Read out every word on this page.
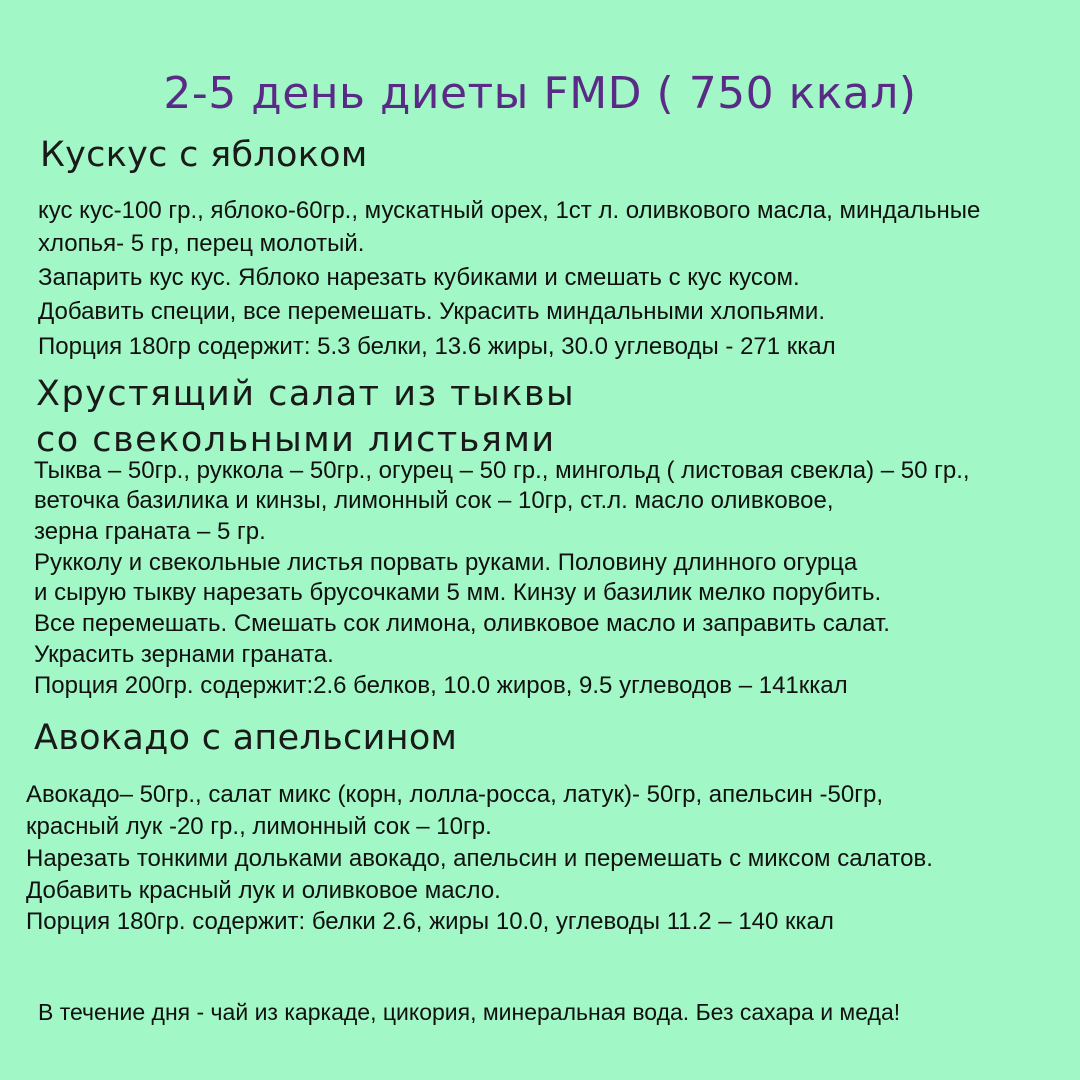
2-5 день диеты FMD ( 750 ккал)
Кускус с яблоком
кус кус-100 гр., яблоко-60гр., мускатный орех, 1ст л. оливкового масла, миндальные
хлопья- 5 гр, перец молотый.
Запарить кус кус. Яблоко нарезать кубиками и смешать с кус кусом.
Добавить специи, все перемешать. Украсить миндальными хлопьями.
Порция 180гр содержит: 5.3 белки, 13.6 жиры, 30.0 углеводы - 271 ккал
Хрустящий салат из тыквы
со свекольными листьями
Тыква – 50гр., руккола – 50гр., огурец – 50 гр., мингольд ( листовая свекла) – 50 гр.,
веточка базилика и кинзы, лимонный сок – 10гр, ст.л. масло оливковое,
зерна граната – 5 гр.
Рукколу и свекольные листья порвать руками. Половину длинного огурца
и сырую тыкву нарезать брусочками 5 мм. Кинзу и базилик мелко порубить.
Все перемешать. Смешать сок лимона, оливковое масло и заправить салат.
Украсить зернами граната.
Порция 200гр. содержит:2.6 белков, 10.0 жиров, 9.5 углеводов – 141ккал
Авокадо с апельсином
Авокадо– 50гр., салат микс (корн, лолла-росса, латук)- 50гр, апельсин -50гр,
красный лук -20 гр., лимонный сок – 10гр.
Нарезать тонкими дольками авокадо, апельсин и перемешать с миксом салатов.
Добавить красный лук и оливковое масло.
Порция 180гр. содержит: белки 2.6, жиры 10.0, углеводы 11.2 – 140 ккал
В течение дня - чай из каркаде, цикория, минеральная вода. Без сахара и меда!
